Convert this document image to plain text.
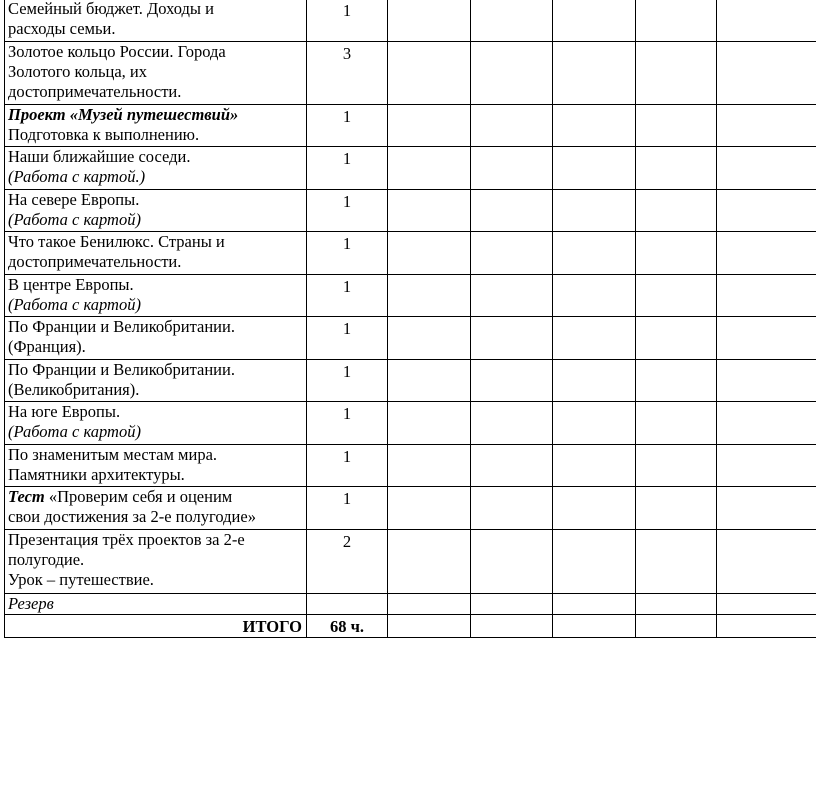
Семейный бюджет. Доходы и
расходы семьи.	1					

Золотое кольцо России. Города
Золотого кольца, их
достопримечательности.	3					

Проект «Музей путешествий»
Подготовка к выполнению.	1					

Наши ближайшие соседи.
(Работа с картой.)	1					

На севере Европы.
(Работа с картой)	1					

Что такое Бенилюкс. Страны и
достопримечательности.	1					

В центре Европы.
(Работа с картой)	1					

По Франции и Великобритании.
(Франция).	1					

По Франции и Великобритании.
(Великобритания).	1					

На юге Европы.
(Работа с картой)	1					

По знаменитым местам мира.
Памятники архитектуры.	1					

Тест «Проверим себя и оценим
свои достижения за 2-е полугодие»	1					

Презентация трёх проектов за 2-е
полугодие.
Урок – путешествие.	2					

Резерв						

ИТОГО	68 ч.					
